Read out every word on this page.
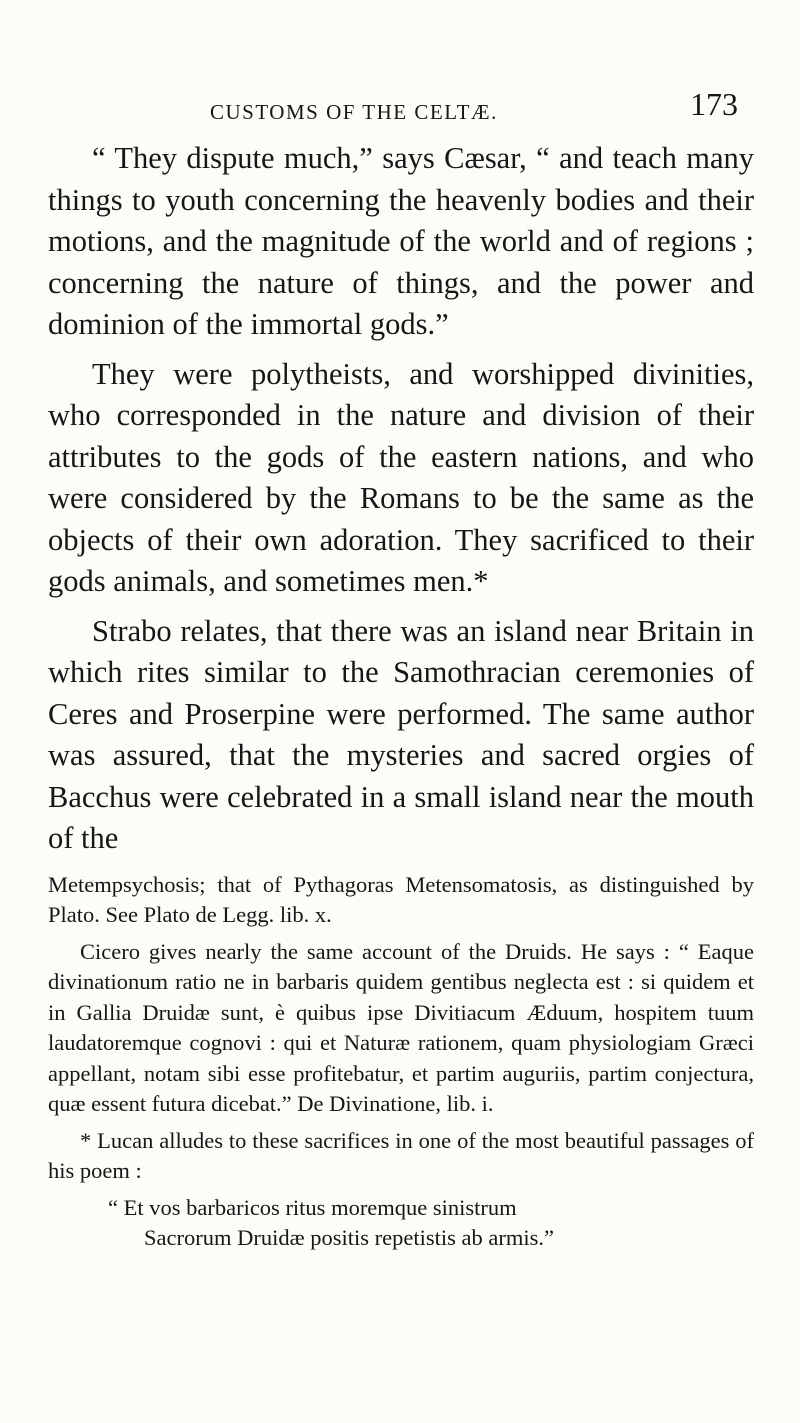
CUSTOMS OF THE CELTÆ.	173

“ They dispute much,” says Cæsar, “ and teach many things to youth concerning the heavenly bodies and their motions, and the magnitude of the world and of regions ; concerning the nature of things, and the power and dominion of the immortal gods.”

They were polytheists, and worshipped divinities, who corresponded in the nature and division of their attributes to the gods of the eastern nations, and who were considered by the Romans to be the same as the objects of their own adoration. They sacrificed to their gods animals, and sometimes men.*

Strabo relates, that there was an island near Britain in which rites similar to the Samothracian ceremonies of Ceres and Proserpine were performed. The same author was assured, that the mysteries and sacred orgies of Bacchus were celebrated in a small island near the mouth of the

Metempsychosis; that of Pythagoras Metensomatosis, as distinguished by Plato. See Plato de Legg. lib. x.

Cicero gives nearly the same account of the Druids. He says : “ Eaque divinationum ratio ne in barbaris quidem gentibus neglecta est : si quidem et in Gallia Druidæ sunt, è quibus ipse Divitiacum Æduum, hospitem tuum laudatoremque cognovi : qui et Naturæ rationem, quam physiologiam Græci appellant, notam sibi esse profitebatur, et partim auguriis, partim conjectura, quæ essent futura dicebat.” De Divinatione, lib. i.

* Lucan alludes to these sacrifices in one of the most beautiful passages of his poem :

“ Et vos barbaricos ritus moremque sinistrum
Sacrorum Druidæ positis repetistis ab armis.”
